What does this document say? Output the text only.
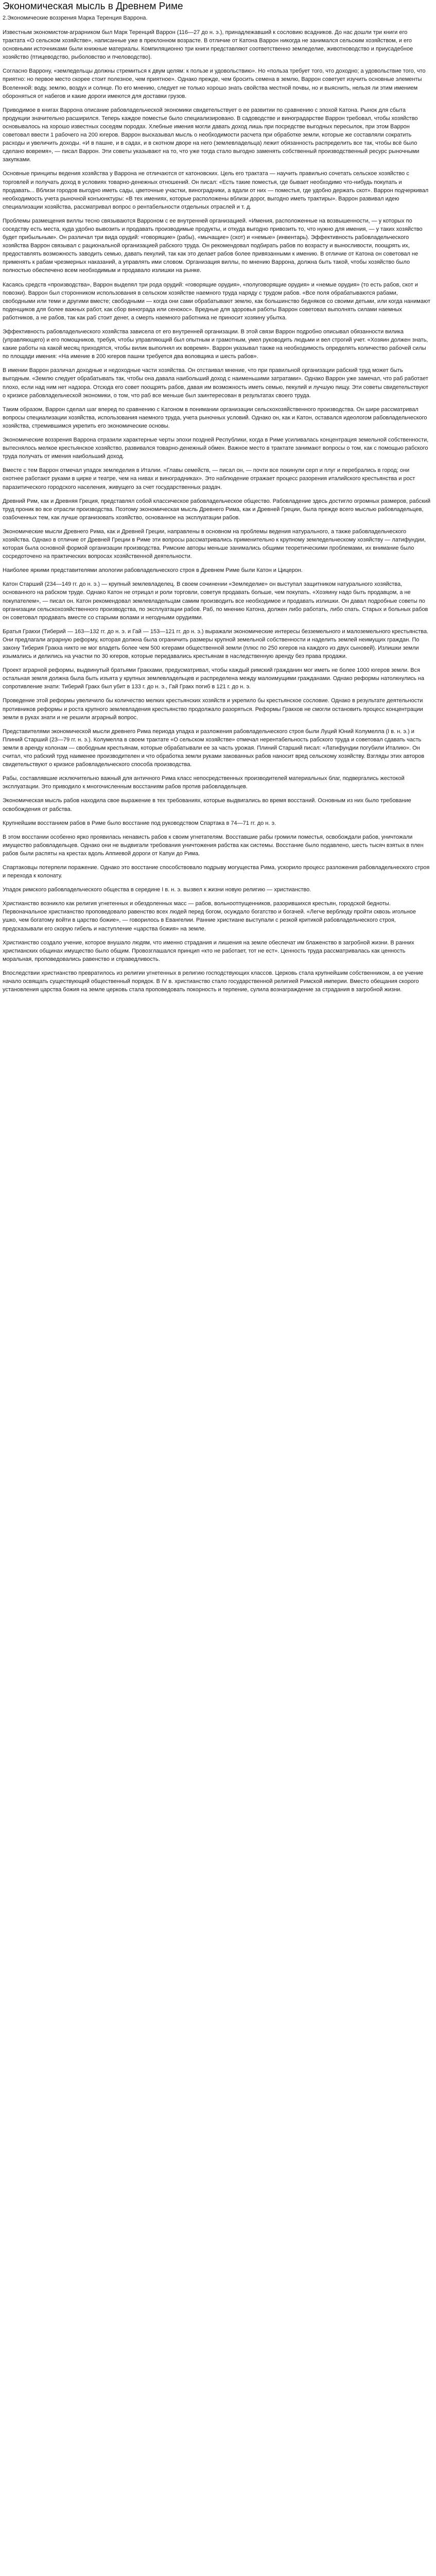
Экономическая мысль в Древнем Риме
2.Экономические воззрения Марка Теренция Варрона.

Известным экономистом-аграрником был Марк Теренций Варрон (116—27 до н. э.), принадлежавший к сословию всадников. До нас дошли три книги его трактата «О сельском хозяйстве», написанные уже в преклонном возрасте. В отличие от Катона Варрон никогда не занимался сельским хозяйством, и его основными источниками были книжные материалы. Компиляционно три книги представляют соответственно земледелие, животноводство и приусадебное хозяйство (птицеводство, рыболовство и пчеловодство).

Согласно Варрону, «земледельцы должны стремиться к двум целям: к пользе и удовольствию». Но «польза требует того, что доходно; а удовольствие того, что приятно: но первое место скорее стоит полезное, чем приятное». Однако прежде, чем бросить семена в землю, Варрон советует изучить основные элементы Вселенной: воду, землю, воздух и солнце. По его мнению, следует не только хорошо знать свойства местной почвы, но и выяснить, нельзя ли этим имением обороняться от набегов и какие дороги имеются для доставки грузов.

Приводимое в книгах Варрона описание рабовладельческой экономики свидетельствует о ее развитии по сравнению с эпохой Катона. Рынок для сбыта продукции значительно расширился. Теперь каждое поместье было специализировано. В садоводстве и виноградарстве Варрон требовал, чтобы хозяйство основывалось на хорошо известных соседям породах. Хлебные имения могли давать доход лишь при посредстве выгодных пересылок, при этом Варрон советовал ввести 1 рабочего на 200 югеров. Варрон высказывал мысль о необходимости расчета при обработке земли, которые же составляли сократить расходы и увеличить доходы. «И в пашне, и в садах, и в скотном дворе на него (землевладельца) лежит обязанность распределить все так, чтобы всё было сделано вовремя», — писал Варрон. Эти советы указывают на то, что уже тогда стало выгодно заменять собственный производственный ресурс рыночными закупками.

Основные принципы ведения хозяйства у Варрона не отличаются от катоновских. Цель его трактата — научить правильно сочетать сельское хозяйство с торговлей и получать доход в условиях товарно-денежных отношений. Он писал: «Есть такие поместья, где бывает необходимо что-нибудь покупать и продавать... Вблизи городов выгодно иметь сады, цветочные участки, виноградники, а вдали от них — поместья, где удобно держать скот». Варрон подчеркивал необходимость учета рыночной конъюнктуры: «В тех имениях, которые расположены вблизи дорог, выгодно иметь трактиры». Варрон развивал идею специализации хозяйства, рассматривал вопрос о рентабельности отдельных отраслей и т. д.

Проблемы размещения виллы тесно связываются Варроном с ее внутренней организацией. «Имения, расположенные на возвышенности, — у которых по соседству есть места, куда удобно вывозить и продавать производимые продукты, и откуда выгодно привозить то, что нужно для имения, — у таких хозяйство будет прибыльным». Он различал три вида орудий: «говорящие» (рабы), «мычащие» (скот) и «немые» (инвентарь). Эффективность рабовладельческого хозяйства Варрон связывал с рациональной организацией рабского труда. Он рекомендовал подбирать рабов по возрасту и выносливости, поощрять их, предоставлять возможность заводить семью, давать пекулий, так как это делает рабов более привязанными к имению. В отличие от Катона он советовал не применять к рабам чрезмерных наказаний, а управлять ими словом. Организация виллы, по мнению Варрона, должна быть такой, чтобы хозяйство было полностью обеспечено всем необходимым и продавало излишки на рынке.

Касаясь средств «производства», Варрон выделял три рода орудий: «говорящие орудия», «полуговорящие орудия» и «немые орудия» (то есть рабов, скот и повозки). Варрон был сторонником использования в сельском хозяйстве наемного труда наряду с трудом рабов. «Все поля обрабатываются рабами, свободными или теми и другими вместе; свободными — когда они сами обрабатывают землю, как большинство бедняков со своими детьми, или когда нанимают поденщиков для более важных работ, как сбор винограда или сенокос». Вредные для здоровья работы Варрон советовал выполнять силами наемных работников, а не рабов, так как раб стоит денег, а смерть наемного работника не приносит хозяину убытка.

Эффективность рабовладельческого хозяйства зависела от его внутренней организации. В этой связи Варрон подробно описывал обязанности вилика (управляющего) и его помощников, требуя, чтобы управляющий был опытным и грамотным, умел руководить людьми и вел строгий учет. «Хозяин должен знать, какие работы на какой месяц приходятся, чтобы вилик выполнял их вовремя». Варрон указывал также на необходимость определять количество рабочей силы по площади имения: «На имение в 200 югеров пашни требуется два воловщика и шесть рабов».

В имении Варрон различал доходные и недоходные части хозяйства. Он отстаивал мнение, что при правильной организации рабский труд может быть выгодным. «Землю следует обрабатывать так, чтобы она давала наибольший доход с наименьшими затратами». Однако Варрон уже замечал, что раб работает плохо, если над ним нет надзора. Отсюда его совет поощрять рабов, давая им возможность иметь семью, пекулий и лучшую пищу. Эти советы свидетельствуют о кризисе рабовладельческой экономики, о том, что раб все меньше был заинтересован в результатах своего труда.

Таким образом, Варрон сделал шаг вперед по сравнению с Катоном в понимании организации сельскохозяйственного производства. Он шире рассматривал вопросы специализации хозяйства, использования наемного труда, учета рыночных условий. Однако он, как и Катон, оставался идеологом рабовладельческого хозяйства, стремившимся укрепить его экономические основы.

Экономические воззрения Варрона отразили характерные черты эпохи поздней Республики, когда в Риме усиливалась концентрация земельной собственности, вытеснялось мелкое крестьянское хозяйство, развивался товарно-денежный обмен. Важное место в трактате занимают вопросы о том, как с помощью рабского труда получать от имения наибольший доход.

Вместе с тем Варрон отмечал упадок земледелия в Италии. «Главы семейств, — писал он, — почти все покинули серп и плуг и перебрались в город; они охотнее работают руками в цирке и театре, чем на нивах и виноградниках». Это наблюдение отражает процесс разорения италийского крестьянства и рост паразитического городского населения, живущего за счет государственных раздач.

Древний Рим, как и Древняя Греция, представлял собой классическое рабовладельческое общество. Рабовладение здесь достигло огромных размеров, рабский труд проник во все отрасли производства. Поэтому экономическая мысль Древнего Рима, как и Древней Греции, была прежде всего мыслью рабовладельцев, озабоченных тем, как лучше организовать хозяйство, основанное на эксплуатации рабов.

Экономические мысли Древнего Рима, как и Древней Греции, направлены в основном на проблемы ведения натурального, а также рабовладельческого хозяйства. Однако в отличие от Древней Греции в Риме эти вопросы рассматривались применительно к крупному земледельческому хозяйству — латифундии, которая была основной формой организации производства. Римские авторы меньше занимались общими теоретическими проблемами, их внимание было сосредоточено на практических вопросах хозяйственной деятельности.

Наиболее яркими представителями апологии рабовладельческого строя в Древнем Риме были Катон и Цицерон.

Катон Старший (234—149 гг. до н. э.) — крупный землевладелец. В своем сочинении «Земледелие» он выступал защитником натурального хозяйства, основанного на рабском труде. Однако Катон не отрицал и роли торговли, советуя продавать больше, чем покупать. «Хозяину надо быть продавцом, а не покупателем», — писал он. Катон рекомендовал землевладельцам самим производить все необходимое и продавать излишки. Он давал подробные советы по организации сельскохозяйственного производства, по эксплуатации рабов. Раб, по мнению Катона, должен либо работать, либо спать. Старых и больных рабов он советовал продавать вместе со старыми волами и негодными орудиями.

Братья Гракхи (Тиберий — 163—132 гг. до н. э. и Гай — 153—121 гг. до н. э.) выражали экономические интересы безземельного и малоземельного крестьянства. Они предлагали аграрную реформу, которая должна была ограничить размеры крупной земельной собственности и наделить землей неимущих граждан. По закону Тиберия Гракха никто не мог владеть более чем 500 югерами общественной земли (плюс по 250 югеров на каждого из двух сыновей). Излишки земли изымались и делились на участки по 30 югеров, которые передавались крестьянам в наследственную аренду без права продажи.

Проект аграрной реформы, выдвинутый братьями Гракхами, предусматривал, чтобы каждый римский гражданин мог иметь не более 1000 югеров земли. Вся остальная земля должна была быть изъята у крупных землевладельцев и распределена между малоимущими гражданами. Однако реформы натолкнулись на сопротивление знати: Тиберий Гракх был убит в 133 г. до н. э., Гай Гракх погиб в 121 г. до н. э.

Проведение этой реформы увеличило бы количество мелких крестьянских хозяйств и укрепило бы крестьянское сословие. Однако в результате деятельности противников реформы и роста крупного землевладения крестьянство продолжало разоряться. Реформы Гракхов не смогли остановить процесс концентрации земли в руках знати и не решили аграрный вопрос.

Представителями экономической мысли древнего Рима периода упадка и разложения рабовладельческого строя были Луций Юний Колумелла (I в. н. э.) и Плиний Старший (23—79 гг. н. э.). Колумелла в своем трактате «О сельском хозяйстве» отмечал нерентабельность рабского труда и советовал сдавать часть земли в аренду колонам — свободным крестьянам, которые обрабатывали ее за часть урожая. Плиний Старший писал: «Латифундии погубили Италию». Он считал, что рабский труд наименее производителен и что обработка земли руками закованных рабов наносит вред сельскому хозяйству. Взгляды этих авторов свидетельствуют о кризисе рабовладельческого способа производства.

Рабы, составлявшие исключительно важный для античного Рима класс непосредственных производителей материальных благ, подвергались жестокой эксплуатации. Это приводило к многочисленным восстаниям рабов против рабовладельцев.

Экономическая мысль рабов находила свое выражение в тех требованиях, которые выдвигались во время восстаний. Основным из них было требование освобождения от рабства.

Крупнейшим восстанием рабов в Риме было восстание под руководством Спартака в 74—71 гг. до н. э.

В этом восстании особенно ярко проявилась ненависть рабов к своим угнетателям. Восставшие рабы громили поместья, освобождали рабов, уничтожали имущество рабовладельцев. Однако они не выдвигали требования уничтожения рабства как системы. Восстание было подавлено, шесть тысяч взятых в плен рабов были распяты на крестах вдоль Аппиевой дороги от Капуи до Рима.

Спартаковцы потерпели поражение. Однако это восстание способствовало подрыву могущества Рима, ускорило процесс разложения рабовладельческого строя и перехода к колонату.

Упадок римского рабовладельческого общества в середине I в. н. э. вызвел к жизни новую религию — христианство.

Христианство возникло как религия угнетенных и обездоленных масс — рабов, вольноотпущенников, разорившихся крестьян, городской бедноты. Первоначальное христианство проповедовало равенство всех людей перед богом, осуждало богатство и богачей. «Легче верблюду пройти сквозь игольное ушко, чем богатому войти в царство божие», — говорилось в Евангелии. Ранние христиане выступали с резкой критикой рабовладельческого строя, предсказывали его скорую гибель и наступление «царства божия» на земле.

Христианство создало учение, которое внушало людям, что именно страдания и лишения на земле обеспечат им блаженство в загробной жизни. В ранних христианских общинах имущество было общим. Провозглашался принцип «кто не работает, тот не ест». Ценность труда рассматривалась как ценность моральная, проповедовались равенство и справедливость.

Впоследствии христианство превратилось из религии угнетенных в религию господствующих классов. Церковь стала крупнейшим собственником, а ее учение начало освящать существующий общественный порядок. В IV в. христианство стало государственной религией Римской империи. Вместо обещания скорого установления царства божия на земле церковь стала проповедовать покорность и терпение, сулила вознаграждение за страдания в загробной жизни.
